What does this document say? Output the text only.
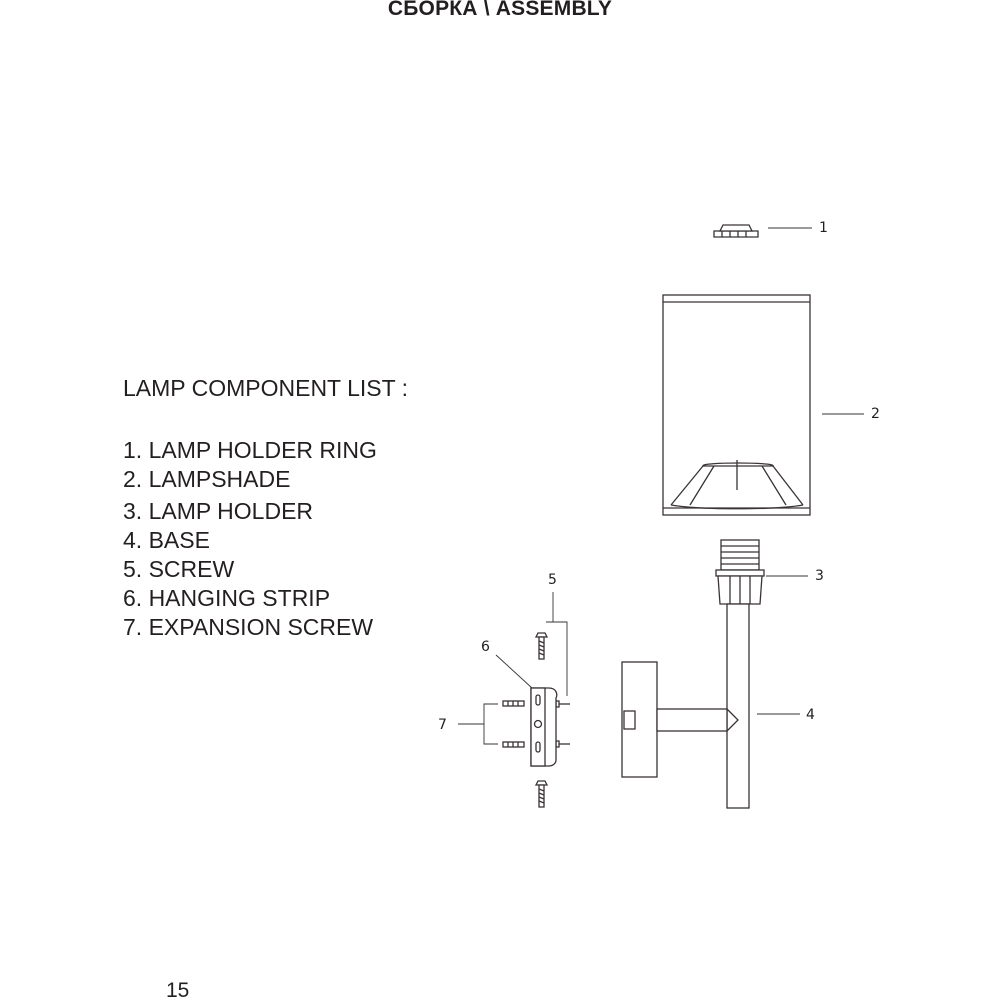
СБОРКА \ ASSEMBLY
LAMP COMPONENT LIST :
1. LAMP HOLDER RING
2. LAMPSHADE
3. LAMP HOLDER
4. BASE
5. SCREW
6. HANGING STRIP
7. EXPANSION SCREW
1
2
3
4
5
6
7
15
